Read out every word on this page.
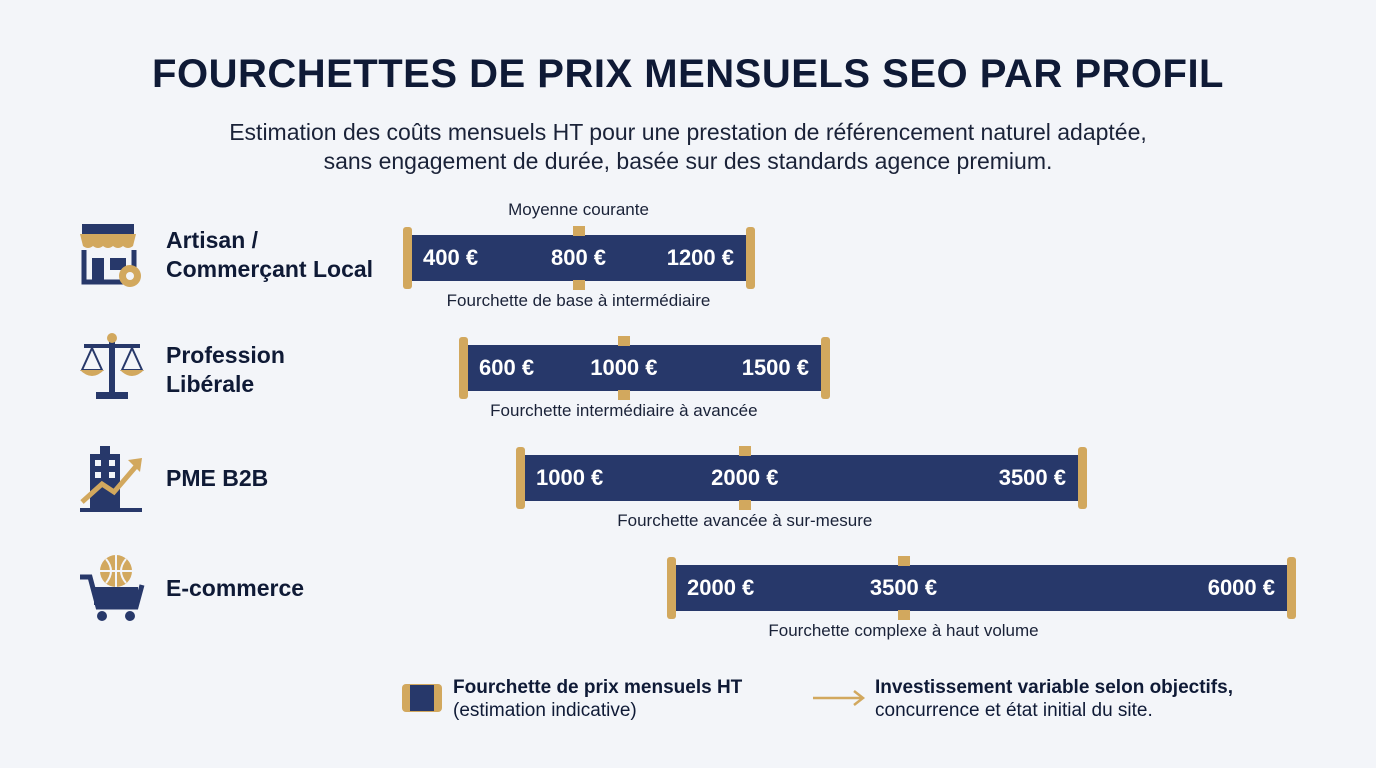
FOURCHETTES DE PRIX MENSUELS SEO PAR PROFIL
Estimation des coûts mensuels HT pour une prestation de référencement naturel adaptée,
sans engagement de durée, basée sur des standards agence premium.
Artisan /
Commerçant Local 400 €	800 €	1200 €
Fourchette de base à intermédiaire
Moyenne courante
Profession
Libérale
600 €	1000 €	1500 €
Fourchette intermédiaire à avancée
PME B2B	1000 €	2000 €	3500 €
Fourchette avancée à sur-mesure
E-commerce	2000 €	3500 €	6000 €
Fourchette complexe à haut volume
Fourchette de prix mensuels HT
(estimation indicative)
Investissement variable selon objectifs,
concurrence et état initial du site.
